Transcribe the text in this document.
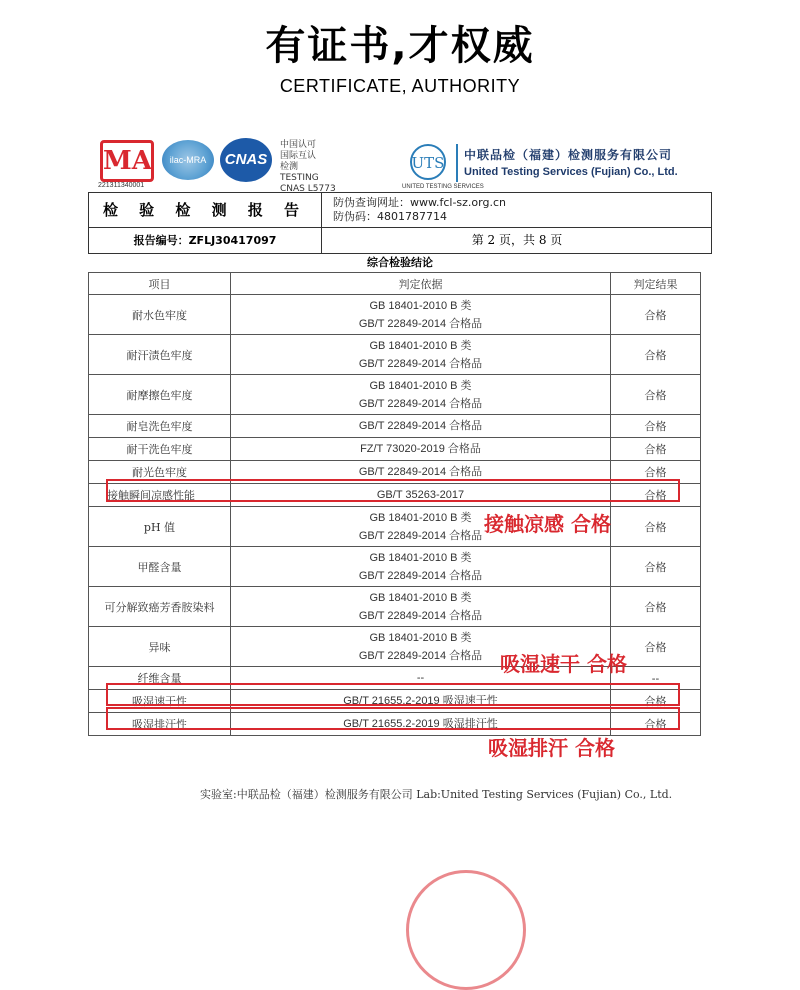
有证书,才权威
CERTIFICATE, AUTHORITY
MA
221311340001
ilac-MRA	CNAS
中国认可
国际互认
检测
TESTING
CNAS L5773
UTS
UNITED TESTING SERVICES
中联品检（福建）检测服务有限公司
United Testing Services (Fujian) Co., Ltd.
检 验 检 测 报 告	防伪查询网址：www.fcl-sz.org.cn
防伪码：4801787714
报告编号：ZFLJ30417097	第 2 页，共 8 页
综合检验结论
项目	判定依据	判定结果
耐水色牢度	GB 18401-2010 B 类
GB/T 22849-2014 合格品	合格
耐汗渍色牢度	GB 18401-2010 B 类
GB/T 22849-2014 合格品	合格
耐摩擦色牢度	GB 18401-2010 B 类
GB/T 22849-2014 合格品	合格
耐皂洗色牢度	GB/T 22849-2014 合格品	合格
耐干洗色牢度	FZ/T 73020-2019 合格品	合格
耐光色牢度	GB/T 22849-2014 合格品	合格
接触瞬间凉感性能	GB/T 35263-2017	合格
pH 值	GB 18401-2010 B 类
GB/T 22849-2014 合格品	合格
甲醛含量	GB 18401-2010 B 类
GB/T 22849-2014 合格品	合格
可分解致癌芳香胺染料	GB 18401-2010 B 类
GB/T 22849-2014 合格品	合格
异味	GB 18401-2010 B 类
GB/T 22849-2014 合格品	合格
纤维含量	--	--
吸湿速干性	GB/T 21655.2-2019 吸湿速干性	合格
吸湿排汗性	GB/T 21655.2-2019 吸湿排汗性	合格
实验室:中联品检（福建）检测服务有限公司 Lab:United Testing Services (Fujian) Co., Ltd.
接触凉感 合格
吸湿速干 合格
吸湿排汗 合格
